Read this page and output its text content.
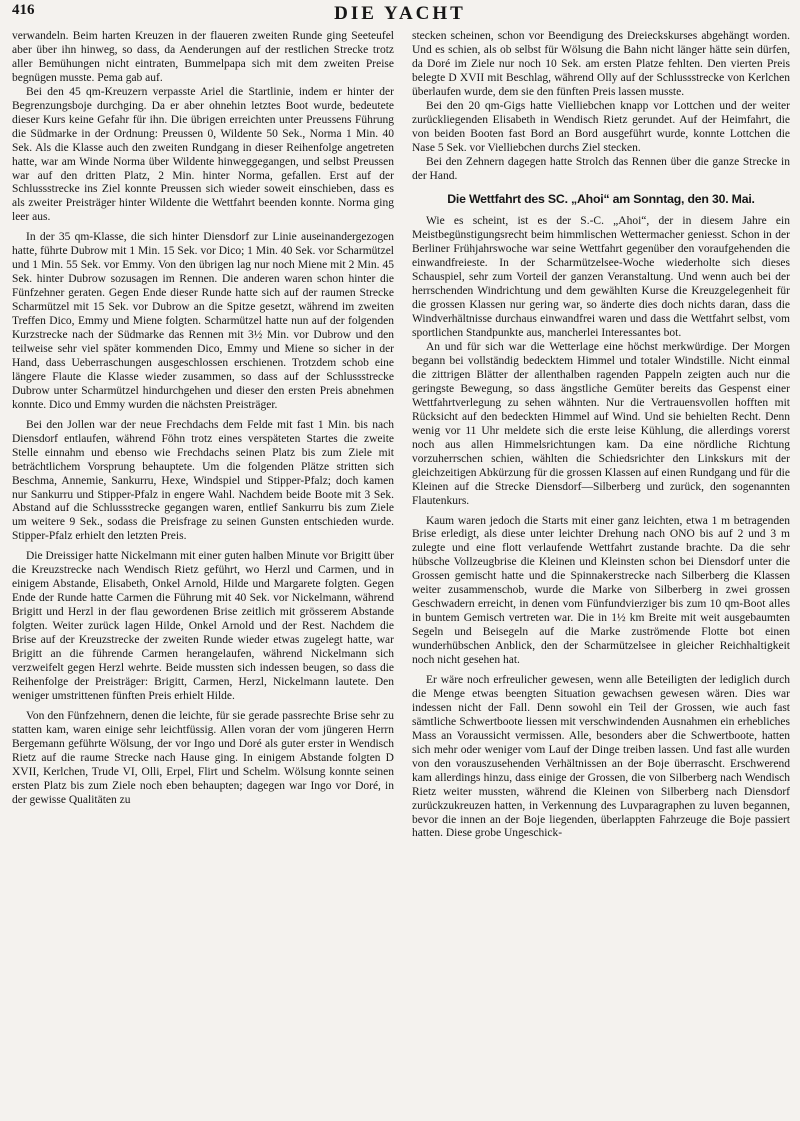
416	DIE YACHT

verwandeln. Beim harten Kreuzen in der flaueren zweiten Runde ging Seeteufel aber über ihn hinweg, so dass, da Aenderungen auf der restlichen Strecke trotz aller Bemühungen nicht eintraten, Bummelpapa sich mit dem zweiten Preise begnügen musste. Pema gab auf.

Bei den 45 qm-Kreuzern verpasste Ariel die Startlinie, indem er hinter der Begrenzungsboje durchging. Da er aber ohnehin letztes Boot wurde, bedeutete dieser Kurs keine Gefahr für ihn. Die übrigen erreichten unter Preussens Führung die Südmarke in der Ordnung: Preussen 0, Wildente 50 Sek., Norma 1 Min. 40 Sek. Als die Klasse auch den zweiten Rundgang in dieser Reihenfolge angetreten hatte, war am Winde Norma über Wildente hinweggegangen, und selbst Preussen war auf den dritten Platz, 2 Min. hinter Norma, gefallen. Erst auf der Schlussstrecke ins Ziel konnte Preussen sich wieder soweit einschieben, dass es als zweiter Preisträger hinter Wildente die Wettfahrt beenden konnte. Norma ging leer aus.

In der 35 qm-Klasse, die sich hinter Diensdorf zur Linie auseinandergezogen hatte, führte Dubrow mit 1 Min. 15 Sek. vor Dico; 1 Min. 40 Sek. vor Scharmützel und 1 Min. 55 Sek. vor Emmy. Von den übrigen lag nur noch Miene mit 2 Min. 45 Sek. hinter Dubrow sozusagen im Rennen. Die anderen waren schon hinter die Fünfzehner geraten. Gegen Ende dieser Runde hatte sich auf der raumen Strecke Scharmützel mit 15 Sek. vor Dubrow an die Spitze gesetzt, während im zweiten Treffen Dico, Emmy und Miene folgten. Scharmützel hatte nun auf der folgenden Kurzstrecke nach der Südmarke das Rennen mit 3½ Min. vor Dubrow und den teilweise sehr viel später kommenden Dico, Emmy und Miene so sicher in der Hand, dass Ueberraschungen ausgeschlossen erschienen. Trotzdem schob eine längere Flaute die Klasse wieder zusammen, so dass auf der Schlussstrecke Dubrow unter Scharmützel hindurchgehen und dieser den ersten Preis abnehmen konnte. Dico und Emmy wurden die nächsten Preisträger.

Bei den Jollen war der neue Frechdachs dem Felde mit fast 1 Min. bis nach Diensdorf entlaufen, während Föhn trotz eines verspäteten Startes die zweite Stelle einnahm und ebenso wie Frechdachs seinen Platz bis zum Ziele mit beträchtlichem Vorsprung behauptete. Um die folgenden Plätze stritten sich Beschma, Annemie, Sankurru, Hexe, Windspiel und Stipper-Pfalz; doch kamen nur Sankurru und Stipper-Pfalz in engere Wahl. Nachdem beide Boote mit 3 Sek. Abstand auf die Schlussstrecke gegangen waren, entlief Sankurru bis zum Ziele um weitere 9 Sek., sodass die Preisfrage zu seinen Gunsten entschieden wurde. Stipper-Pfalz erhielt den letzten Preis.

Die Dreissiger hatte Nickelmann mit einer guten halben Minute vor Brigitt über die Kreuzstrecke nach Wendisch Rietz geführt, wo Herzl und Carmen, und in einigem Abstande, Elisabeth, Onkel Arnold, Hilde und Margarete folgten. Gegen Ende der Runde hatte Carmen die Führung mit 40 Sek. vor Nickelmann, während Brigitt und Herzl in der flau gewordenen Brise zeitlich mit grösserem Abstande folgten. Weiter zurück lagen Hilde, Onkel Arnold und der Rest. Nachdem die Brise auf der Kreuzstrecke der zweiten Runde wieder etwas zugelegt hatte, war Brigitt an die führende Carmen herangelaufen, während Nickelmann sich verzweifelt gegen Herzl wehrte. Beide mussten sich indessen beugen, so dass die Reihenfolge der Preisträger: Brigitt, Carmen, Herzl, Nickelmann lautete. Den weniger umstrittenen fünften Preis erhielt Hilde.

Von den Fünfzehnern, denen die leichte, für sie gerade passrechte Brise sehr zu statten kam, waren einige sehr leichtfüssig. Allen voran der vom jüngeren Herrn Bergemann geführte Wölsung, der vor Ingo und Doré als guter erster in Wendisch Rietz auf die raume Strecke nach Hause ging. In einigem Abstande folgten D XVII, Kerlchen, Trude VI, Olli, Erpel, Flirt und Schelm. Wölsung konnte seinen ersten Platz bis zum Ziele noch eben behaupten; dagegen war Ingo vor Doré, in der gewisse Qualitäten zu

stecken scheinen, schon vor Beendigung des Dreieckskurses abgehängt worden. Und es schien, als ob selbst für Wölsung die Bahn nicht länger hätte sein dürfen, da Doré im Ziele nur noch 10 Sek. am ersten Platze fehlten. Den vierten Preis belegte D XVII mit Beschlag, während Olly auf der Schlussstrecke von Kerlchen überlaufen wurde, dem sie den fünften Preis lassen musste.

Bei den 20 qm-Gigs hatte Vielliebchen knapp vor Lottchen und der weiter zurückliegenden Elisabeth in Wendisch Rietz gerundet. Auf der Heimfahrt, die von beiden Booten fast Bord an Bord ausgeführt wurde, konnte Lottchen die Nase 5 Sek. vor Vielliebchen durchs Ziel stecken.

Bei den Zehnern dagegen hatte Strolch das Rennen über die ganze Strecke in der Hand.

Die Wettfahrt des SC. „Ahoi“ am Sonntag, den 30. Mai.

Wie es scheint, ist es der S.-C. „Ahoi“, der in diesem Jahre ein Meistbegünstigungsrecht beim himmlischen Wettermacher geniesst. Schon in der Berliner Frühjahrswoche war seine Wettfahrt gegenüber den voraufgehenden die einwandfreieste. In der Scharmützelsee-Woche wiederholte sich dieses Schauspiel, sehr zum Vorteil der ganzen Veranstaltung. Und wenn auch bei der herrschenden Windrichtung und dem gewählten Kurse die Kreuzgelegenheit für die grossen Klassen nur gering war, so änderte dies doch nichts daran, dass die Windverhältnisse durchaus einwandfrei waren und dass die Wettfahrt selbst, vom sportlichen Standpunkte aus, mancherlei Interessantes bot.

An und für sich war die Wetterlage eine höchst merkwürdige. Der Morgen begann bei vollständig bedecktem Himmel und totaler Windstille. Nicht einmal die zittrigen Blätter der allenthalben ragenden Pappeln zeigten auch nur die geringste Bewegung, so dass ängstliche Gemüter bereits das Gespenst einer Wettfahrtverlegung zu sehen wähnten. Nur die Vertrauensvollen hofften mit Rücksicht auf den bedeckten Himmel auf Wind. Und sie behielten Recht. Denn wenig vor 11 Uhr meldete sich die erste leise Kühlung, die allerdings vorerst noch aus allen Himmelsrichtungen kam. Da eine nördliche Richtung vorzuherrschen schien, wählten die Schiedsrichter den Linkskurs mit der gleichzeitigen Abkürzung für die grossen Klassen auf einen Rundgang und für die Kleinen auf die Strecke Diensdorf—Silberberg und zurück, den sogenannten Flautenkurs.

Kaum waren jedoch die Starts mit einer ganz leichten, etwa 1 m betragenden Brise erledigt, als diese unter leichter Drehung nach ONO bis auf 2 und 3 m zulegte und eine flott verlaufende Wettfahrt zustande brachte. Da die sehr hübsche Vollzeugbrise die Kleinen und Kleinsten schon bei Diensdorf unter die Grossen gemischt hatte und die Spinnakerstrecke nach Silberberg die Klassen weiter zusammenschob, wurde die Marke von Silberberg in zwei grossen Geschwadern erreicht, in denen vom Fünfundvierziger bis zum 10 qm-Boot alles in buntem Gemisch vertreten war. Die in 1½ km Breite mit weit ausgebaumten Segeln und Beisegeln auf die Marke zuströmende Flotte bot einen wunderhübschen Anblick, den der Scharmützelsee in gleicher Reichhaltigkeit noch nicht gesehen hat.

Er wäre noch erfreulicher gewesen, wenn alle Beteiligten der lediglich durch die Menge etwas beengten Situation gewachsen gewesen wären. Dies war indessen nicht der Fall. Denn sowohl ein Teil der Grossen, wie auch fast sämtliche Schwertboote liessen mit verschwindenden Ausnahmen ein erhebliches Mass an Voraussicht vermissen. Alle, besonders aber die Schwertboote, hatten sich mehr oder weniger vom Lauf der Dinge treiben lassen. Und fast alle wurden von den vorauszusehenden Verhältnissen an der Boje überrascht. Erschwerend kam allerdings hinzu, dass einige der Grossen, die von Silberberg nach Wendisch Rietz weiter mussten, während die Kleinen von Silberberg nach Diensdorf zurückzukreuzen hatten, in Verkennung des Luvparagraphen zu luven begannen, bevor die innen an der Boje liegenden, überlappten Fahrzeuge die Boje passiert hatten. Diese grobe Ungeschick-
